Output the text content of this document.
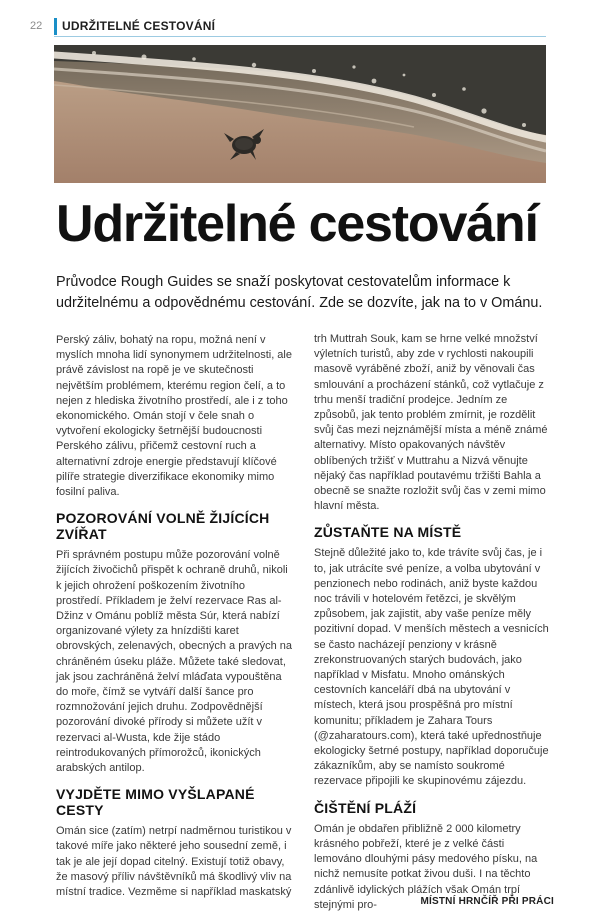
22 UDRŽITELNÉ CESTOVÁNÍ
Udržitelné cestování

Průvodce Rough Guides se snaží poskytovat cestovatelům informace k udržitelnému a odpovědnému cestování. Zde se dozvíte, jak na to v Ománu.

Perský záliv, bohatý na ropu, možná není v myslích mnoha lidí synonymem udržitelnosti, ale právě závislost na ropě je ve skutečnosti největším problémem, kterému region čelí, a to nejen z hlediska životního prostředí, ale i z toho ekonomického. Omán stojí v čele snah o vytvoření ekologicky šetrnější budoucnosti Perského zálivu, přičemž cestovní ruch a alternativní zdroje energie představují klíčové pilíře strategie diverzifikace ekonomiky mimo fosilní paliva.

POZOROVÁNÍ VOLNĚ ŽIJÍCÍCH ZVÍŘAT

Při správném postupu může pozorování volně žijících živočichů přispět k ochraně druhů, nikoli k jejich ohrožení poškozením životního prostředí. Příkladem je želví rezervace Ras al-Džinz v Ománu poblíž města Súr, která nabízí organizované výlety za hnízdišti karet obrovských, zelenavých, obecných a pravých na chráněném úseku pláže. Můžete také sledovat, jak jsou zachráněná želví mláďata vypouštěna do moře, čímž se vytváří další šance pro rozmnožování jejich druhu. Zodpovědnější pozorování divoké přírody si můžete užít v rezervaci al-Wusta, kde žije stádo reintrodukovaných přímorožců, ikonických arabských antilop.

VYJDĚTE MIMO VYŠLAPANÉ CESTY

Omán sice (zatím) netrpí nadměrnou turistikou v takové míře jako některé jeho sousední země, i tak je ale její dopad citelný. Existují totiž obavy, že masový příliv návštěvníků má škodlivý vliv na místní tradice. Vezměme si například maskatský

trh Muttrah Souk, kam se hrne velké množství výletních turistů, aby zde v rychlosti nakoupili masově vyráběné zboží, aniž by věnovali čas smlouvání a procházení stánků, což vytlačuje z trhu menší tradiční prodejce. Jedním ze způsobů, jak tento problém zmírnit, je rozdělit svůj čas mezi nejznámější místa a méně známé alternativy. Místo opakovaných návštěv oblíbených tržišť v Muttrahu a Nizvá věnujte nějaký čas například poutavému tržišti Bahla a obecně se snažte rozložit svůj čas v zemi mimo hlavní města.

ZŮSTAŇTE NA MÍSTĚ

Stejně důležité jako to, kde trávíte svůj čas, je i to, jak utrácíte své peníze, a volba ubytování v penzionech nebo rodinách, aniž byste každou noc trávili v hotelovém řetězci, je skvělým způsobem, jak zajistit, aby vaše peníze měly pozitivní dopad. V menších městech a vesnicích se často nacházejí penziony v krásně zrekonstruovaných starých budovách, jako například v Misfatu. Mnoho ománských cestovních kanceláří dbá na ubytování v místech, která jsou prospěšná pro místní komunitu; příkladem je Zahara Tours (@zaharatours.com), která také upřednostňuje ekologicky šetrné postupy, například doporučuje zákazníkům, aby se namísto soukromé rezervace připojili ke skupinovému zájezdu.

ČIŠTĚNÍ PLÁŽÍ

Omán je obdařen přibližně 2 000 kilometry krásného pobřeží, které je z velké části lemováno dlouhými pásy medového písku, na nichž nemusíte potkat živou duši. I na těchto zdánlivě idylických plážích však Omán trpí stejnými pro-	MÍSTNÍ HRNČÍŘ PŘI PRÁCI
